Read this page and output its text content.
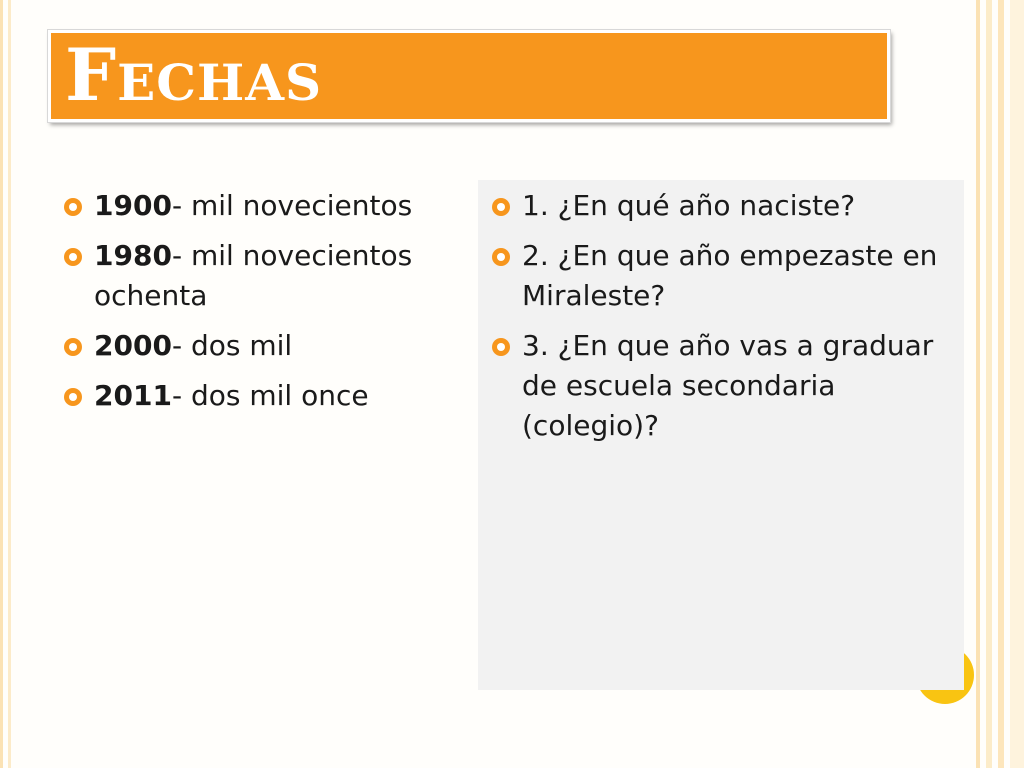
Fechas
1900- mil novecientos
1980- mil novecientos ochenta
2000- dos mil
2011- dos mil once
1. ¿En qué año naciste?
2. ¿En que año empezaste en Miraleste?
3. ¿En que año vas a graduar de escuela secondaria (colegio)?
